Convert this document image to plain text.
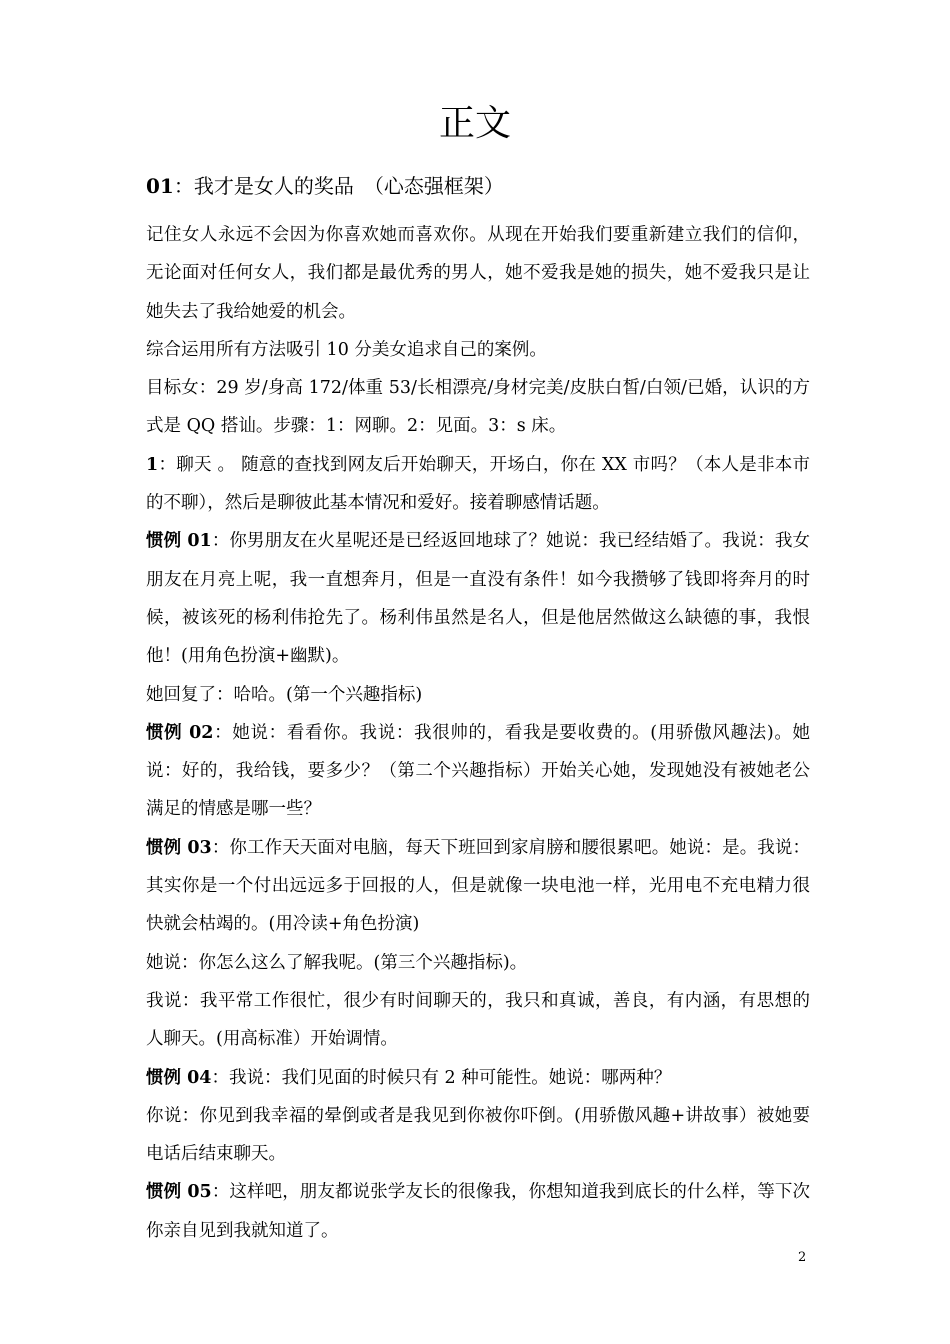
正文
01：我才是女人的奖品　（心态强框架）

记住女人永远不会因为你喜欢她而喜欢你。从现在开始我们要重新建立我们的信仰，无论面对任何女人，我们都是最优秀的男人，她不爱我是她的损失，她不爱我只是让她失去了我给她爱的机会。

综合运用所有方法吸引 10 分美女追求自己的案例。

目标女：29 岁/身高 172/体重 53/长相漂亮/身材完美/皮肤白皙/白领/已婚，认识的方式是 QQ 搭讪。步骤：1：网聊。2：见面。3：s 床。

1：聊天 。 随意的查找到网友后开始聊天，开场白，你在 XX 市吗？（本人是非本市的不聊），然后是聊彼此基本情况和爱好。接着聊感情话题。

惯例 01：你男朋友在火星呢还是已经返回地球了？她说：我已经结婚了。我说：我女朋友在月亮上呢，我一直想奔月，但是一直没有条件！如今我攒够了钱即将奔月的时候，被该死的杨利伟抢先了。杨利伟虽然是名人，但是他居然做这么缺德的事，我恨他！(用角色扮演+幽默)。

她回复了：哈哈。(第一个兴趣指标)

惯例 02：她说：看看你。我说：我很帅的，看我是要收费的。(用骄傲风趣法)。她说：好的，我给钱，要多少？（第二个兴趣指标）开始关心她，发现她没有被她老公满足的情感是哪一些？

惯例 03：你工作天天面对电脑，每天下班回到家肩膀和腰很累吧。她说：是。我说：其实你是一个付出远远多于回报的人，但是就像一块电池一样，光用电不充电精力很快就会枯竭的。(用冷读+角色扮演)

她说：你怎么这么了解我呢。(第三个兴趣指标)。

我说：我平常工作很忙，很少有时间聊天的，我只和真诚，善良，有内涵，有思想的人聊天。(用高标准）开始调情。

惯例 04：我说：我们见面的时候只有 2 种可能性。她说：哪两种？

你说：你见到我幸福的晕倒或者是我见到你被你吓倒。(用骄傲风趣+讲故事）被她要电话后结束聊天。

惯例 05：这样吧，朋友都说张学友长的很像我，你想知道我到底长的什么样，等下次你亲自见到我就知道了。

2
